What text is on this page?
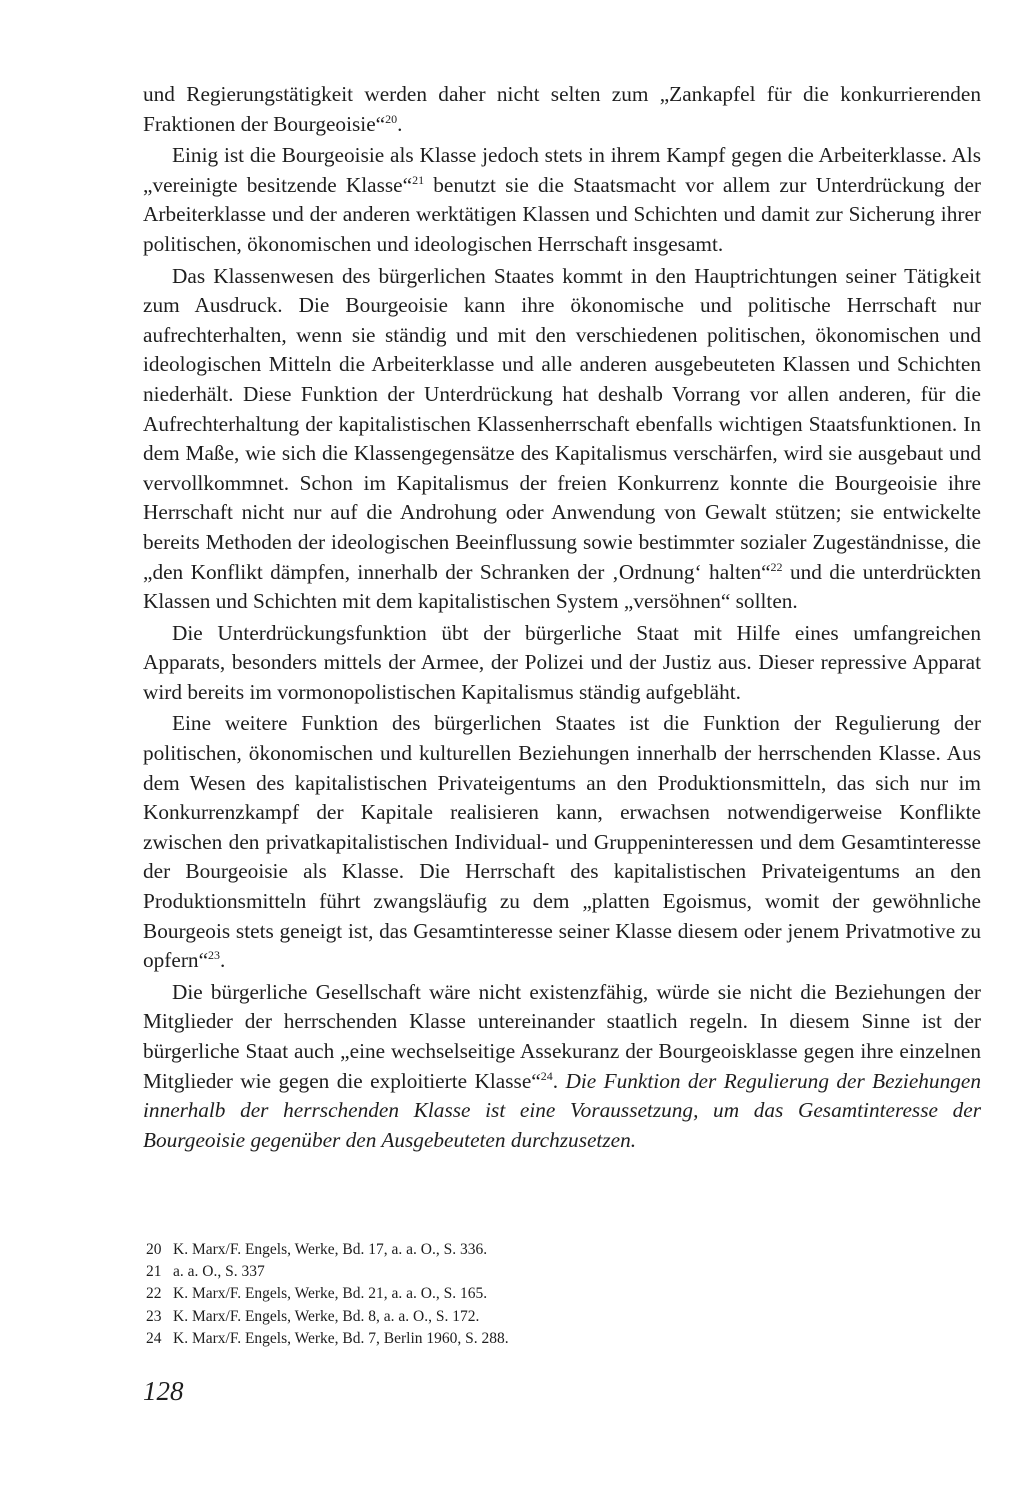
und Regierungstätigkeit werden daher nicht selten zum „Zankapfel für die konkurrierenden Fraktionen der Bourgeoisie“$^{20}$.

Einig ist die Bourgeoisie als Klasse jedoch stets in ihrem Kampf gegen die Arbeiterklasse. Als „vereinigte besitzende Klasse“$^{21}$ benutzt sie die Staatsmacht vor allem zur Unterdrückung der Arbeiterklasse und der anderen werktätigen Klassen und Schichten und damit zur Sicherung ihrer politischen, ökonomischen und ideologischen Herrschaft insgesamt.

Das Klassenwesen des bürgerlichen Staates kommt in den Hauptrichtungen seiner Tätigkeit zum Ausdruck. Die Bourgeoisie kann ihre ökonomische und politische Herrschaft nur aufrechterhalten, wenn sie ständig und mit den verschiedenen politischen, ökonomischen und ideologischen Mitteln die Arbeiterklasse und alle anderen ausgebeuteten Klassen und Schichten niederhält. Diese Funktion der Unterdrückung hat deshalb Vorrang vor allen anderen, für die Aufrechterhaltung der kapitalistischen Klassenherrschaft ebenfalls wichtigen Staatsfunktionen. In dem Maße, wie sich die Klassengegensätze des Kapitalismus verschärfen, wird sie ausgebaut und vervollkommnet. Schon im Kapitalismus der freien Konkurrenz konnte die Bourgeoisie ihre Herrschaft nicht nur auf die Androhung oder Anwendung von Gewalt stützen; sie entwickelte bereits Methoden der ideologischen Beeinflussung sowie bestimmter sozialer Zugeständnisse, die „den Konflikt dämpfen, innerhalb der Schranken der ‚Ordnung‘ halten“$^{22}$ und die unterdrückten Klassen und Schichten mit dem kapitalistischen System „versöhnen“ sollten.

Die Unterdrückungsfunktion übt der bürgerliche Staat mit Hilfe eines umfangreichen Apparats, besonders mittels der Armee, der Polizei und der Justiz aus. Dieser repressive Apparat wird bereits im vormonopolistischen Kapitalismus ständig aufgebläht.

Eine weitere Funktion des bürgerlichen Staates ist die Funktion der Regulierung der politischen, ökonomischen und kulturellen Beziehungen innerhalb der herrschenden Klasse. Aus dem Wesen des kapitalistischen Privateigentums an den Produktionsmitteln, das sich nur im Konkurrenzkampf der Kapitale realisieren kann, erwachsen notwendigerweise Konflikte zwischen den privatkapitalistischen Individual- und Gruppeninteressen und dem Gesamtinteresse der Bourgeoisie als Klasse. Die Herrschaft des kapitalistischen Privateigentums an den Produktionsmitteln führt zwangsläufig zu dem „platten Egoismus, womit der gewöhnliche Bourgeois stets geneigt ist, das Gesamtinteresse seiner Klasse diesem oder jenem Privatmotive zu opfern“$^{23}$.

Die bürgerliche Gesellschaft wäre nicht existenzfähig, würde sie nicht die Beziehungen der Mitglieder der herrschenden Klasse untereinander staatlich regeln. In diesem Sinne ist der bürgerliche Staat auch „eine wechselseitige Assekuranz der Bourgeoisklasse gegen ihre einzelnen Mitglieder wie gegen die exploitierte Klasse“$^{24}$. Die Funktion der Regulierung der Beziehungen innerhalb der herrschenden Klasse ist eine Voraussetzung, um das Gesamtinteresse der Bourgeoisie gegenüber den Ausgebeuteten durchzusetzen.

20 K. Marx/F. Engels, Werke, Bd. 17, a. a. O., S. 336.
21 a. a. O., S. 337
22 K. Marx/F. Engels, Werke, Bd. 21, a. a. O., S. 165.
23 K. Marx/F. Engels, Werke, Bd. 8, a. a. O., S. 172.
24 K. Marx/F. Engels, Werke, Bd. 7, Berlin 1960, S. 288.
128
